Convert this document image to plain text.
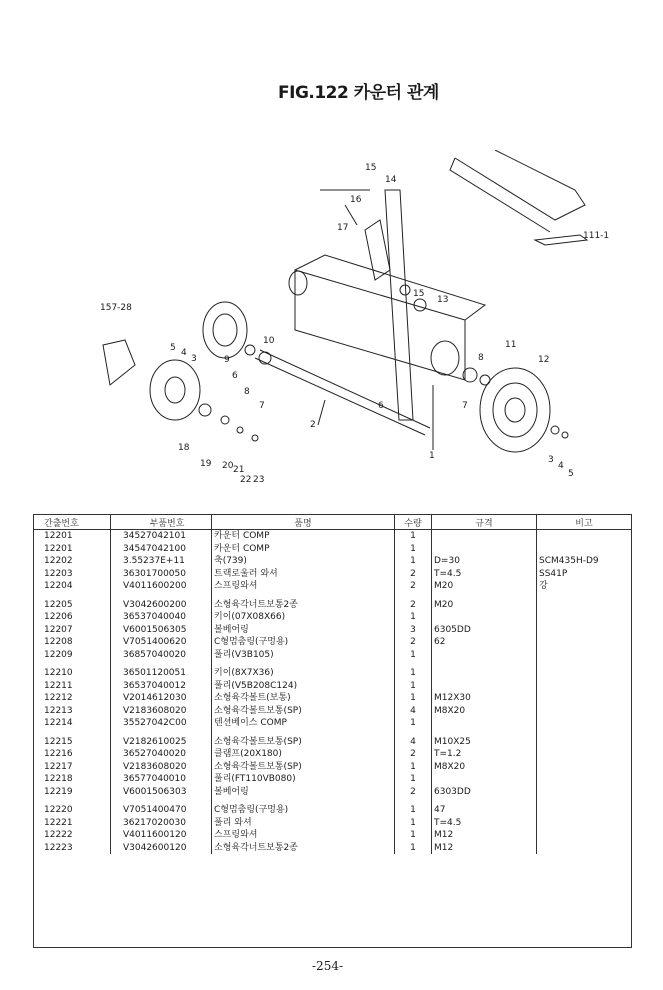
FIG.122 카운터 관계
15
14
16
17
111-1
157-28
15
13
5 4
3	9
10
6
8
7
2
8
11
12
6	7
1
18
19 20 21
22 23
3
4
5
간출번호	부품번호	품명	수량	규격	비고
12201	34527042101	카운터 COMP	1		
12201	34547042100	카운터 COMP	1		
12202	3.55237E+11	축(739)	1	D=30	SCM435H-D9
12203	36301700050	트랙로울러 와셔	2	T=4.5	SS41P
12204	V4011600200	스프링와셔	2	M20	강

12205	V3042600200	소형육각너트보통2종	2	M20	
12206	36537040040	키이(07X08X66)	1		
12207	V6001506305	볼베어링	3	6305DD	
12208	V7051400620	C형멈춤링(구멍용)	2	62	
12209	36857040020	풀리(V3B105)	1		

12210	36501120051	키이(8X7X36)	1		
12211	36537040012	풀리(V5B208C124)	1		
12212	V2014612030	소형육각볼트(보통)	1	M12X30	
12213	V2183608020	소형육각볼트보통(SP)	4	M8X20	
12214	35527042C00	텐션베이스 COMP	1		

12215	V2182610025	소형육각볼트보통(SP)	4	M10X25	
12216	36527040020	클램프(20X180)	2	T=1.2	
12217	V2183608020	소형육각볼트보통(SP)	1	M8X20	
12218	36577040010	풀리(FT110VB080)	1		
12219	V6001506303	볼베어링	2	6303DD	

12220	V7051400470	C형멈춤링(구멍용)	1	47	
12221	36217020030	풀리 와셔	1	T=4.5	
12222	V4011600120	스프링와셔	1	M12	
12223	V3042600120	소형육각너트보통2종	1	M12	
-254-
